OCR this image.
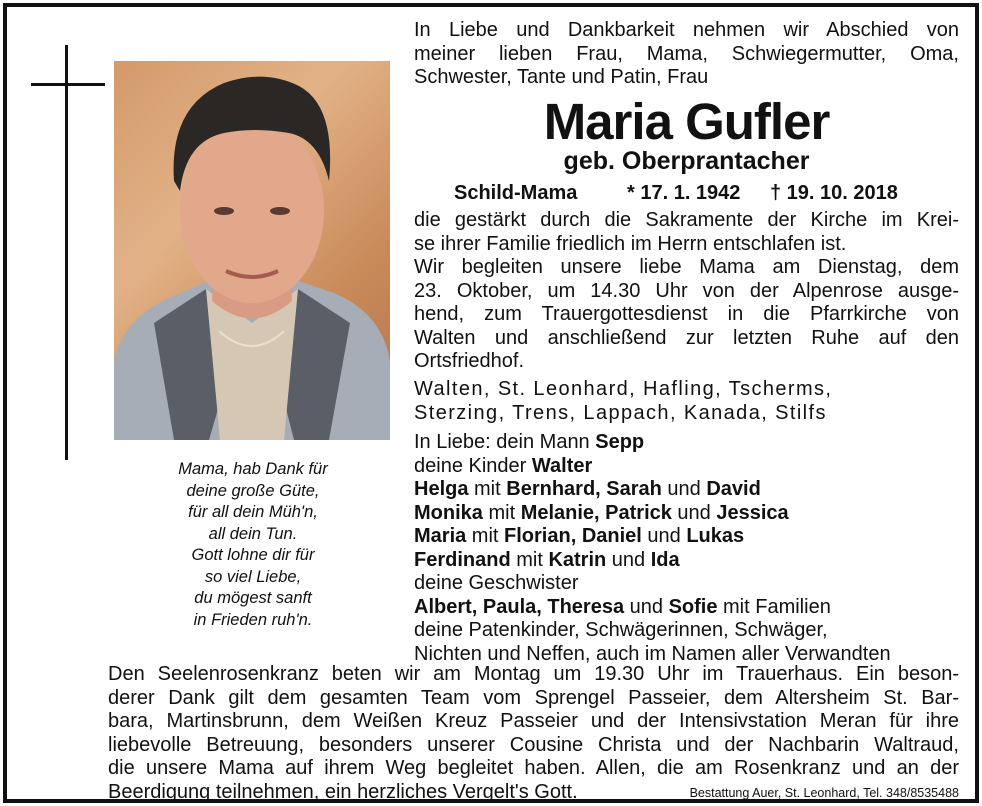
Mama, hab Dank für
deine große Güte,
für all dein Müh'n,
all dein Tun.
Gott lohne dir für
so viel Liebe,
du mögest sanft
in Frieden ruh'n.
In Liebe und Dankbarkeit nehmen wir Abschied von
meiner lieben Frau, Mama, Schwiegermutter, Oma,
Schwester, Tante und Patin, Frau
Maria Gufler
geb. Oberprantacher
Schild-Mama * 17. 1. 1942 † 19. 10. 2018
die gestärkt durch die Sakramente der Kirche im Krei-
se ihrer Familie friedlich im Herrn entschlafen ist.
Wir begleiten unsere liebe Mama am Dienstag, dem
23. Oktober, um 14.30 Uhr von der Alpenrose ausge-
hend, zum Trauergottesdienst in die Pfarrkirche von
Walten und anschließend zur letzten Ruhe auf den
Ortsfriedhof.
Walten, St. Leonhard, Hafling, Tscherms,
Sterzing, Trens, Lappach, Kanada, Stilfs
In Liebe: dein Mann Sepp
deine Kinder Walter
Helga mit Bernhard, Sarah und David
Monika mit Melanie, Patrick und Jessica
Maria mit Florian, Daniel und Lukas
Ferdinand mit Katrin und Ida
deine Geschwister
Albert, Paula, Theresa und Sofie mit Familien
deine Patenkinder, Schwägerinnen, Schwäger,
Nichten und Neffen, auch im Namen aller Verwandten
Den Seelenrosenkranz beten wir am Montag um 19.30 Uhr im Trauerhaus. Ein beson-
derer Dank gilt dem gesamten Team vom Sprengel Passeier, dem Altersheim St. Bar-
bara, Martinsbrunn, dem Weißen Kreuz Passeier und der Intensivstation Meran für ihre
liebevolle Betreuung, besonders unserer Cousine Christa und der Nachbarin Waltraud,
die unsere Mama auf ihrem Weg begleitet haben. Allen, die am Rosenkranz und an der
Beerdigung teilnehmen, ein herzliches Vergelt's Gott.	Bestattung Auer, St. Leonhard, Tel. 348/8535488
